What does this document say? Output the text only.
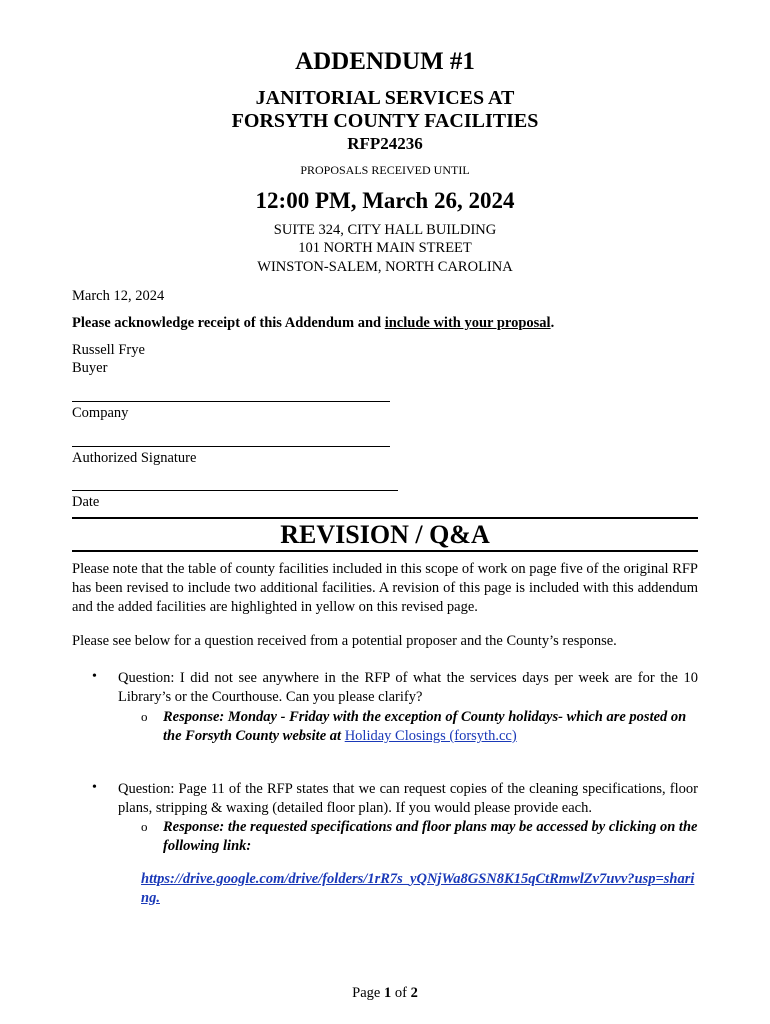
ADDENDUM #1
JANITORIAL SERVICES AT
FORSYTH COUNTY FACILITIES
RFP24236
PROPOSALS RECEIVED UNTIL
12:00 PM, March 26, 2024
SUITE 324, CITY HALL BUILDING
101 NORTH MAIN STREET
WINSTON-SALEM, NORTH CAROLINA
March 12, 2024
Please acknowledge receipt of this Addendum and include with your proposal.
Russell Frye
Buyer
Company
Authorized Signature
Date
REVISION / Q&A
Please note that the table of county facilities included in this scope of work on page five of the original RFP has been revised to include two additional facilities. A revision of this page is included with this addendum and the added facilities are highlighted in yellow on this revised page.
Please see below for a question received from a potential proposer and the County’s response.
• Question: I did not see anywhere in the RFP of what the services days per week are for the 10 Library’s or the Courthouse. Can you please clarify?
o Response: Monday - Friday with the exception of County holidays- which are posted on the Forsyth County website at Holiday Closings (forsyth.cc)
• Question: Page 11 of the RFP states that we can request copies of the cleaning specifications, floor plans, stripping & waxing (detailed floor plan). If you would please provide each.
o Response: the requested specifications and floor plans may be accessed by clicking on the following link:
https://drive.google.com/drive/folders/1rR7s_yQNjWa8GSN8K15qCtRmwlZv7uvv?usp=sharing.
Page 1 of 2
